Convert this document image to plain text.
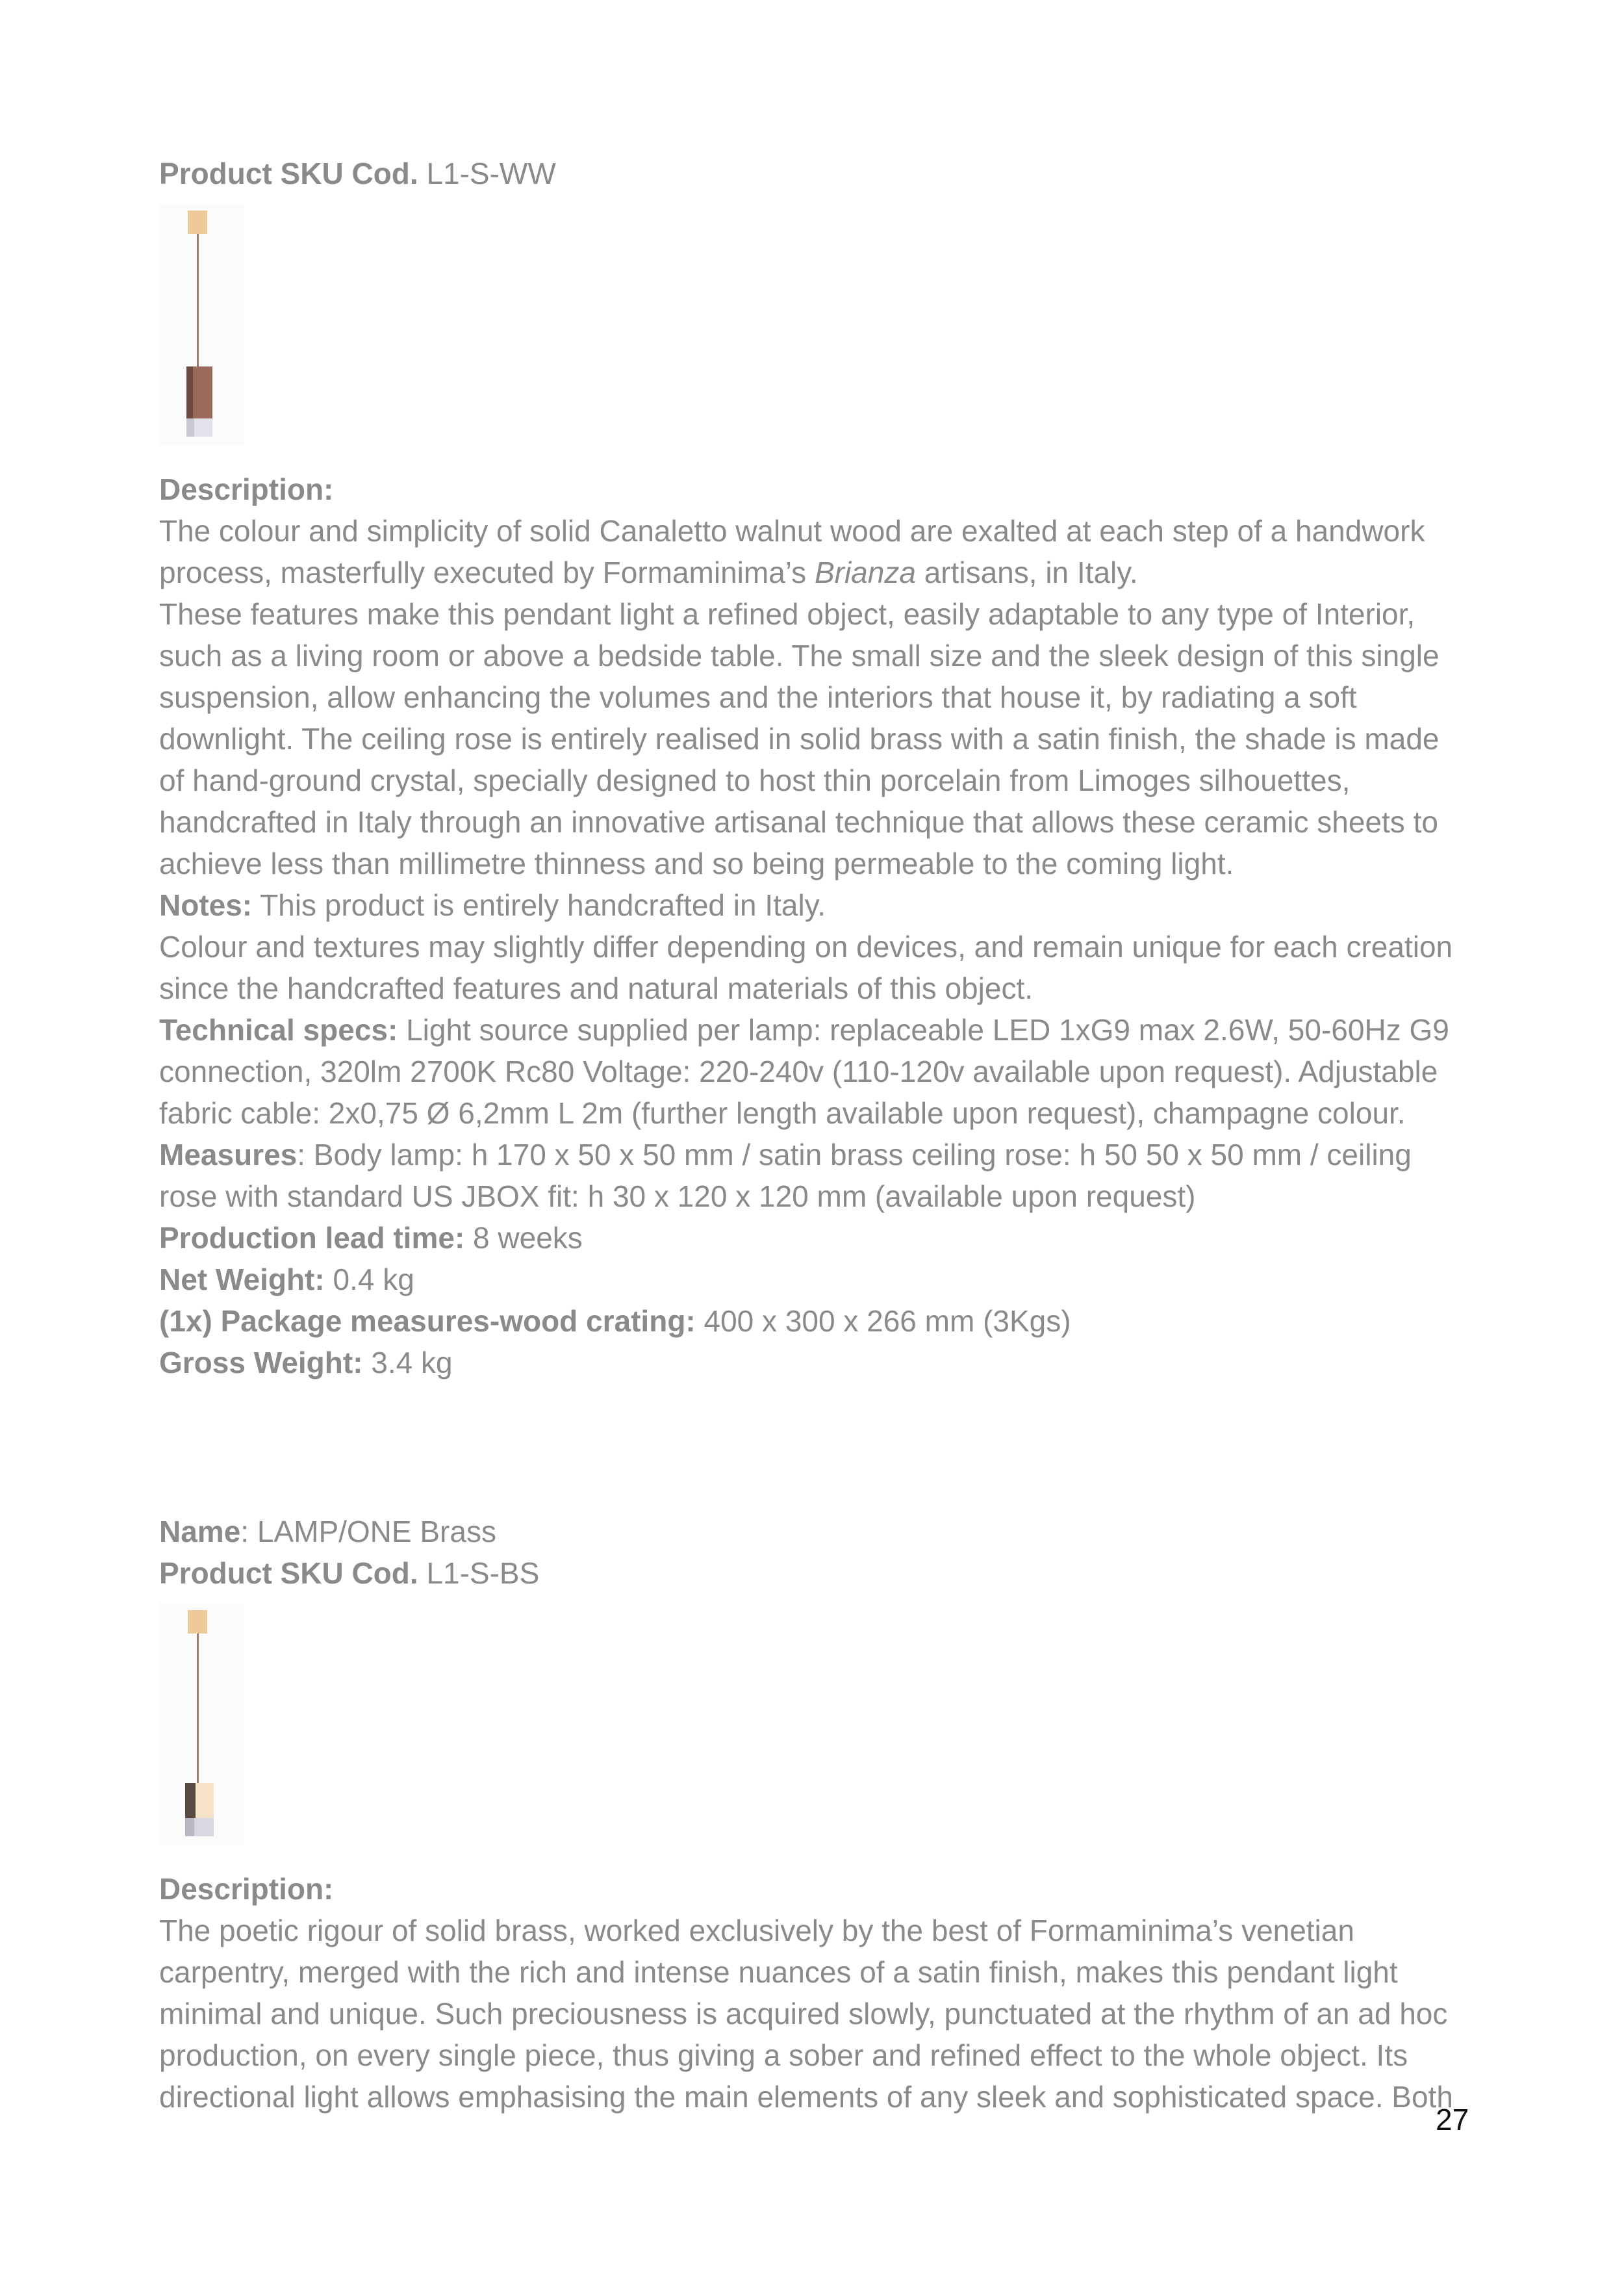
Product SKU Cod. L1-S-WW
Description:
The colour and simplicity of solid Canaletto walnut wood are exalted at each step of a handwork
process, masterfully executed by Formaminima’s Brianza artisans, in Italy.
These features make this pendant light a refined object, easily adaptable to any type of Interior,
such as a living room or above a bedside table. The small size and the sleek design of this single
suspension, allow enhancing the volumes and the interiors that house it, by radiating a soft
downlight. The ceiling rose is entirely realised in solid brass with a satin finish, the shade is made
of hand-ground crystal, specially designed to host thin porcelain from Limoges silhouettes,
handcrafted in Italy through an innovative artisanal technique that allows these ceramic sheets to
achieve less than millimetre thinness and so being permeable to the coming light.
Notes: This product is entirely handcrafted in Italy.
Colour and textures may slightly differ depending on devices, and remain unique for each creation
since the handcrafted features and natural materials of this object.
Technical specs: Light source supplied per lamp: replaceable LED 1xG9 max 2.6W, 50-60Hz G9
connection, 320lm 2700K Rc80 Voltage: 220-240v (110-120v available upon request). Adjustable
fabric cable: 2x0,75 Ø 6,2mm L 2m (further length available upon request), champagne colour.
Measures: Body lamp: h 170 x 50 x 50 mm / satin brass ceiling rose: h 50 50 x 50 mm / ceiling
rose with standard US JBOX fit: h 30 x 120 x 120 mm (available upon request)
Production lead time: 8 weeks
Net Weight: 0.4 kg
(1x) Package measures-wood crating: 400 x 300 x 266 mm (3Kgs)
Gross Weight: 3.4 kg
Name: LAMP/ONE Brass
Product SKU Cod. L1-S-BS
Description:
The poetic rigour of solid brass, worked exclusively by the best of Formaminima’s venetian
carpentry, merged with the rich and intense nuances of a satin finish, makes this pendant light
minimal and unique. Such preciousness is acquired slowly, punctuated at the rhythm of an ad hoc
production, on every single piece, thus giving a sober and refined effect to the whole object. Its
directional light allows emphasising the main elements of any sleek and sophisticated space. Both
27
